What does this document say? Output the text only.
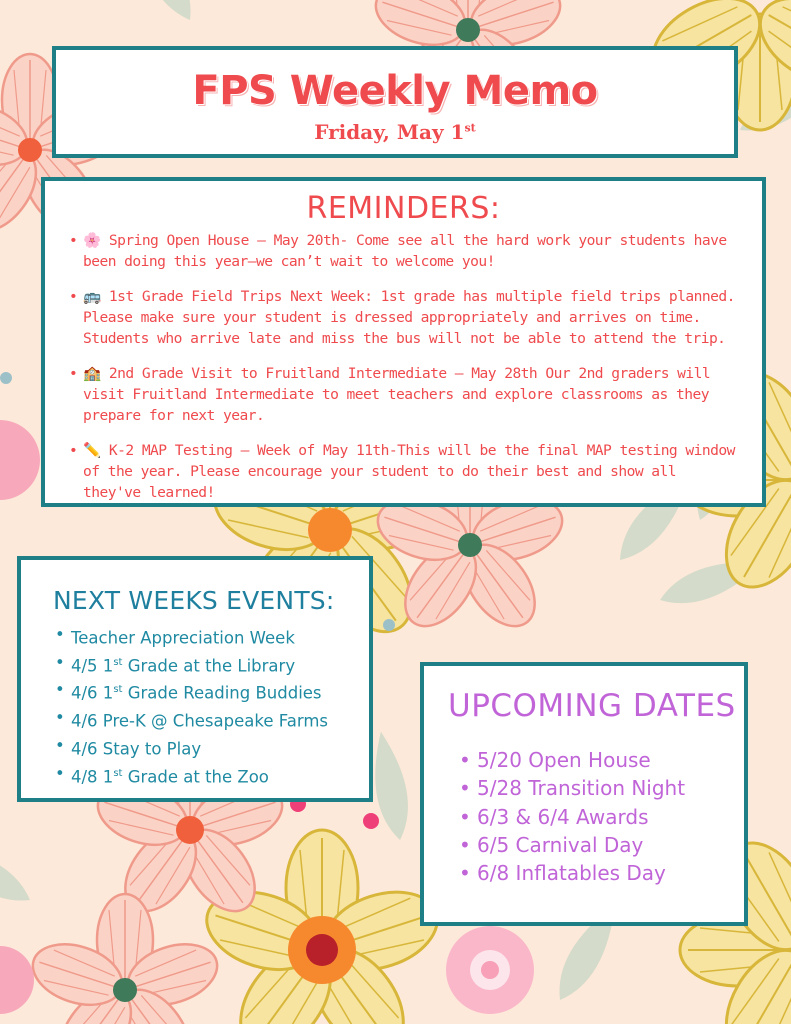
FPS Weekly Memo
Friday, May 1st
REMINDERS:
• 🌸 Spring Open House – May 20th- Come see all the hard work your students have been doing this year—we can’t wait to welcome you!
• 🚌 1st Grade Field Trips Next Week: 1st grade has multiple field trips planned. Please make sure your student is dressed appropriately and arrives on time. Students who arrive late and miss the bus will not be able to attend the trip.
• 🏫 2nd Grade Visit to Fruitland Intermediate – May 28th Our 2nd graders will visit Fruitland Intermediate to meet teachers and explore classrooms as they prepare for next year.
• ✏️ K-2 MAP Testing – Week of May 11th-This will be the final MAP testing window of the year. Please encourage your student to do their best and show all they've learned!
NEXT WEEKS EVENTS:
• Teacher Appreciation Week
• 4/5 1st Grade at the Library
• 4/6 1st Grade Reading Buddies
• 4/6 Pre-K @ Chesapeake Farms
• 4/6 Stay to Play
• 4/8 1st Grade at the Zoo
UPCOMING DATES
• 5/20 Open House
• 5/28 Transition Night
• 6/3 & 6/4 Awards
• 6/5 Carnival Day
• 6/8 Inflatables Day
